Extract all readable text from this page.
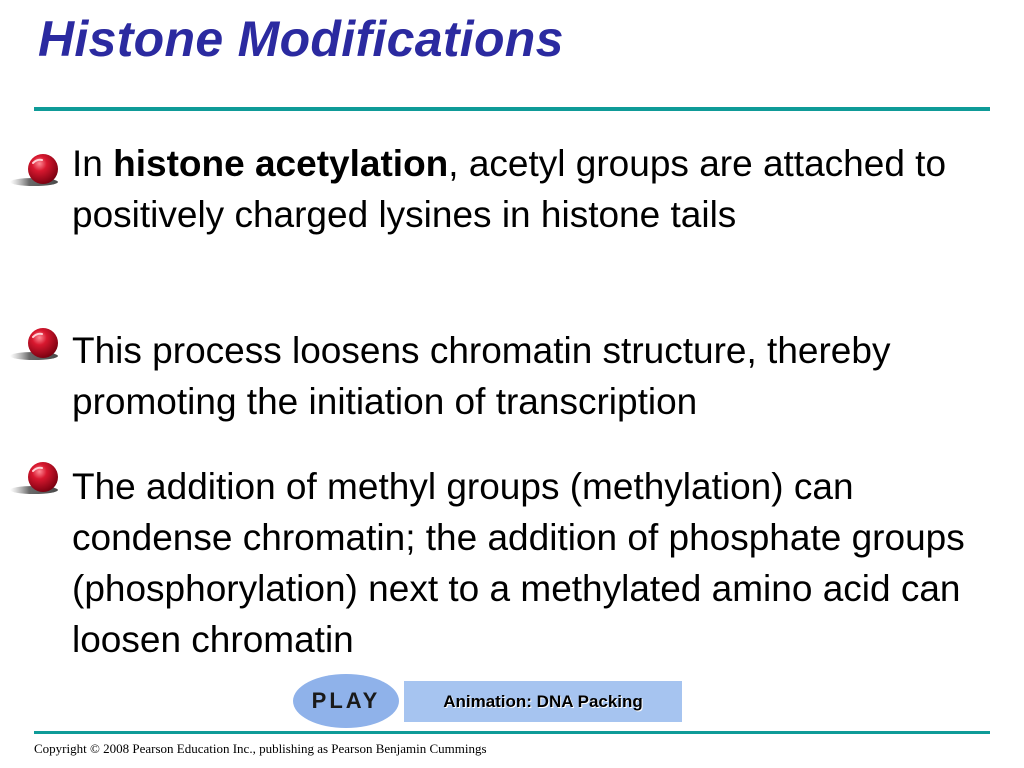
Histone Modifications
In histone acetylation, acetyl groups are attached to positively charged lysines in histone tails
This process loosens chromatin structure, thereby promoting the initiation of transcription
The addition of methyl groups (methylation) can condense chromatin; the addition of phosphate groups (phosphorylation) next to a methylated amino acid can loosen chromatin
PLAY	Animation: DNA Packing
Copyright © 2008 Pearson Education Inc., publishing as Pearson Benjamin Cummings
